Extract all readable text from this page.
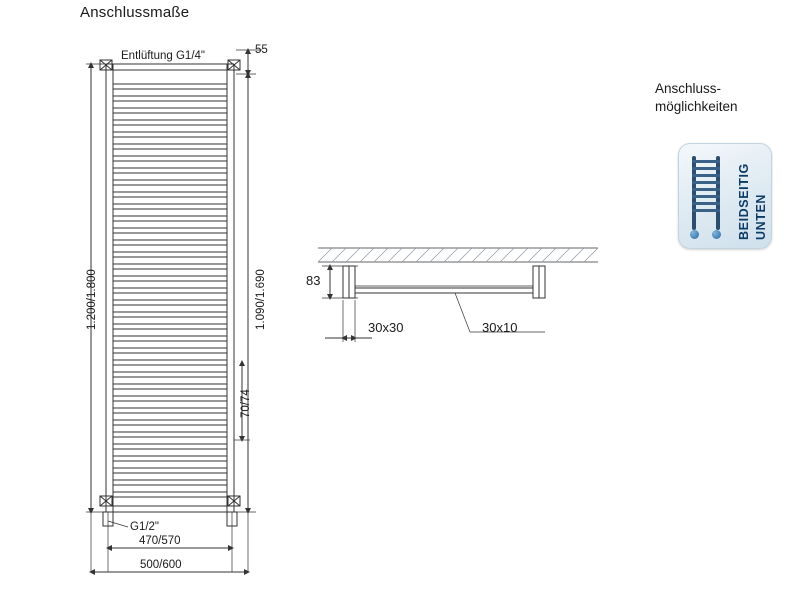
Anschlussmaße
Anschluss-
möglichkeiten
BEIDSEITIG UNTEN
Entlüftung G1/4"	55
1.200/1.800	1.090/1.690
70/74
G1/2"
470/570
500/600
83
30x30	30x10
